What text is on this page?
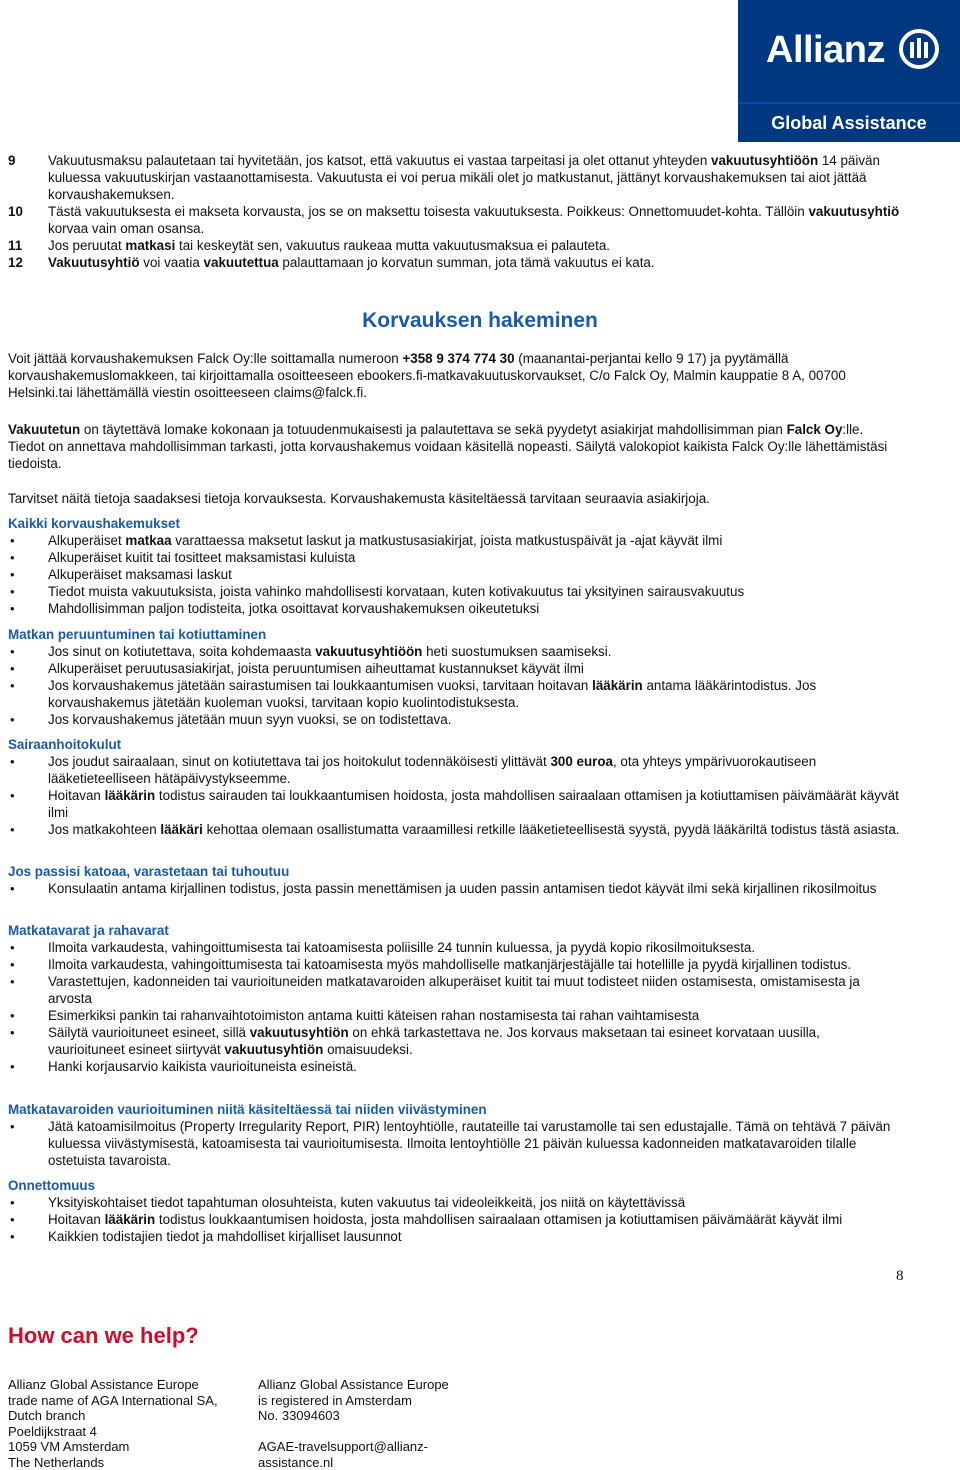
Allianz
Global Assistance
9	Vakuutusmaksu palautetaan tai hyvitetään, jos katsot, että vakuutus ei vastaa tarpeitasi ja olet ottanut yhteyden vakuutusyhtiöön 14 päivän kuluessa vakuutuskirjan vastaanottamisesta. Vakuutusta ei voi perua mikäli olet jo matkustanut, jättänyt korvaushakemuksen tai aiot jättää korvaushakemuksen.
10	Tästä vakuutuksesta ei makseta korvausta, jos se on maksettu toisesta vakuutuksesta. Poikkeus: Onnettomuudet-kohta. Tällöin vakuutusyhtiö korvaa vain oman osansa.
11	Jos peruutat matkasi tai keskeytät sen, vakuutus raukeaa mutta vakuutusmaksua ei palauteta.
12	Vakuutusyhtiö voi vaatia vakuutettua palauttamaan jo korvatun summan, jota tämä vakuutus ei kata.
Korvauksen hakeminen
Voit jättää korvaushakemuksen Falck Oy:lle soittamalla numeroon +358 9 374 774 30 (maanantai-perjantai kello 9 17) ja pyytämällä korvaushakemuslomakkeen, tai kirjoittamalla osoitteeseen ebookers.fi-matkavakuutuskorvaukset, C/o Falck Oy, Malmin kauppatie 8 A, 00700 Helsinki.tai lähettämällä viestin osoitteeseen claims@falck.fi.
Vakuutetun on täytettävä lomake kokonaan ja totuudenmukaisesti ja palautettava se sekä pyydetyt asiakirjat mahdollisimman pian Falck Oy:lle. Tiedot on annettava mahdollisimman tarkasti, jotta korvaushakemus voidaan käsitellä nopeasti. Säilytä valokopiot kaikista Falck Oy:lle lähettämistäsi tiedoista.
Tarvitset näitä tietoja saadaksesi tietoja korvauksesta. Korvaushakemusta käsiteltäessä tarvitaan seuraavia asiakirjoja.
Kaikki korvaushakemukset
• Alkuperäiset matkaa varattaessa maksetut laskut ja matkustusasiakirjat, joista matkustuspäivät ja -ajat käyvät ilmi
• Alkuperäiset kuitit tai tositteet maksamistasi kuluista
• Alkuperäiset maksamasi laskut
• Tiedot muista vakuutuksista, joista vahinko mahdollisesti korvataan, kuten kotivakuutus tai yksityinen sairausvakuutus
• Mahdollisimman paljon todisteita, jotka osoittavat korvaushakemuksen oikeutetuksi
Matkan peruuntuminen tai kotiuttaminen
• Jos sinut on kotiutettava, soita kohdemaasta vakuutusyhtiöön heti suostumuksen saamiseksi.
• Alkuperäiset peruutusasiakirjat, joista peruuntumisen aiheuttamat kustannukset käyvät ilmi
• Jos korvaushakemus jätetään sairastumisen tai loukkaantumisen vuoksi, tarvitaan hoitavan lääkärin antama lääkärintodistus. Jos korvaushakemus jätetään kuoleman vuoksi, tarvitaan kopio kuolintodistuksesta.
• Jos korvaushakemus jätetään muun syyn vuoksi, se on todistettava.
Sairaanhoitokulut
• Jos joudut sairaalaan, sinut on kotiutettava tai jos hoitokulut todennäköisesti ylittävät 300 euroa, ota yhteys ympärivuorokautiseen lääketieteelliseen hätäpäivystykseemme.
• Hoitavan lääkärin todistus sairauden tai loukkaantumisen hoidosta, josta mahdollisen sairaalaan ottamisen ja kotiuttamisen päivämäärät käyvät ilmi
• Jos matkakohteen lääkäri kehottaa olemaan osallistumatta varaamillesi retkille lääketieteellisestä syystä, pyydä lääkäriltä todistus tästä asiasta.
Jos passisi katoaa, varastetaan tai tuhoutuu
• Konsulaatin antama kirjallinen todistus, josta passin menettämisen ja uuden passin antamisen tiedot käyvät ilmi sekä kirjallinen rikosilmoitus
Matkatavarat ja rahavarat
• Ilmoita varkaudesta, vahingoittumisesta tai katoamisesta poliisille 24 tunnin kuluessa, ja pyydä kopio rikosilmoituksesta.
• Ilmoita varkaudesta, vahingoittumisesta tai katoamisesta myös mahdolliselle matkanjärjestäjälle tai hotellille ja pyydä kirjallinen todistus.
• Varastettujen, kadonneiden tai vaurioituneiden matkatavaroiden alkuperäiset kuitit tai muut todisteet niiden ostamisesta, omistamisesta ja arvosta
• Esimerkiksi pankin tai rahanvaihtotoimiston antama kuitti käteisen rahan nostamisesta tai rahan vaihtamisesta
• Säilytä vaurioituneet esineet, sillä vakuutusyhtiön on ehkä tarkastettava ne. Jos korvaus maksetaan tai esineet korvataan uusilla, vaurioituneet esineet siirtyvät vakuutusyhtiön omaisuudeksi.
• Hanki korjausarvio kaikista vaurioituneista esineistä.
Matkatavaroiden vaurioituminen niitä käsiteltäessä tai niiden viivästyminen
• Jätä katoamisilmoitus (Property Irregularity Report, PIR) lentoyhtiölle, rautateille tai varustamolle tai sen edustajalle. Tämä on tehtävä 7 päivän kuluessa viivästymisestä, katoamisesta tai vaurioitumisesta. Ilmoita lentoyhtiölle 21 päivän kuluessa kadonneiden matkatavaroiden tilalle ostetuista tavaroista.
Onnettomuus
• Yksityiskohtaiset tiedot tapahtuman olosuhteista, kuten vakuutus tai videoleikkeitä, jos niitä on käytettävissä
• Hoitavan lääkärin todistus loukkaantumisen hoidosta, josta mahdollisen sairaalaan ottamisen ja kotiuttamisen päivämäärät käyvät ilmi
• Kaikkien todistajien tiedot ja mahdolliset kirjalliset lausunnot
8
How can we help?
Allianz Global Assistance Europe
trade name of AGA International SA,
Dutch branch
Poeldijkstraat 4
1059 VM Amsterdam
The Netherlands
Allianz Global Assistance Europe
is registered in Amsterdam
No. 33094603

AGAE-travelsupport@allianz-
assistance.nl
